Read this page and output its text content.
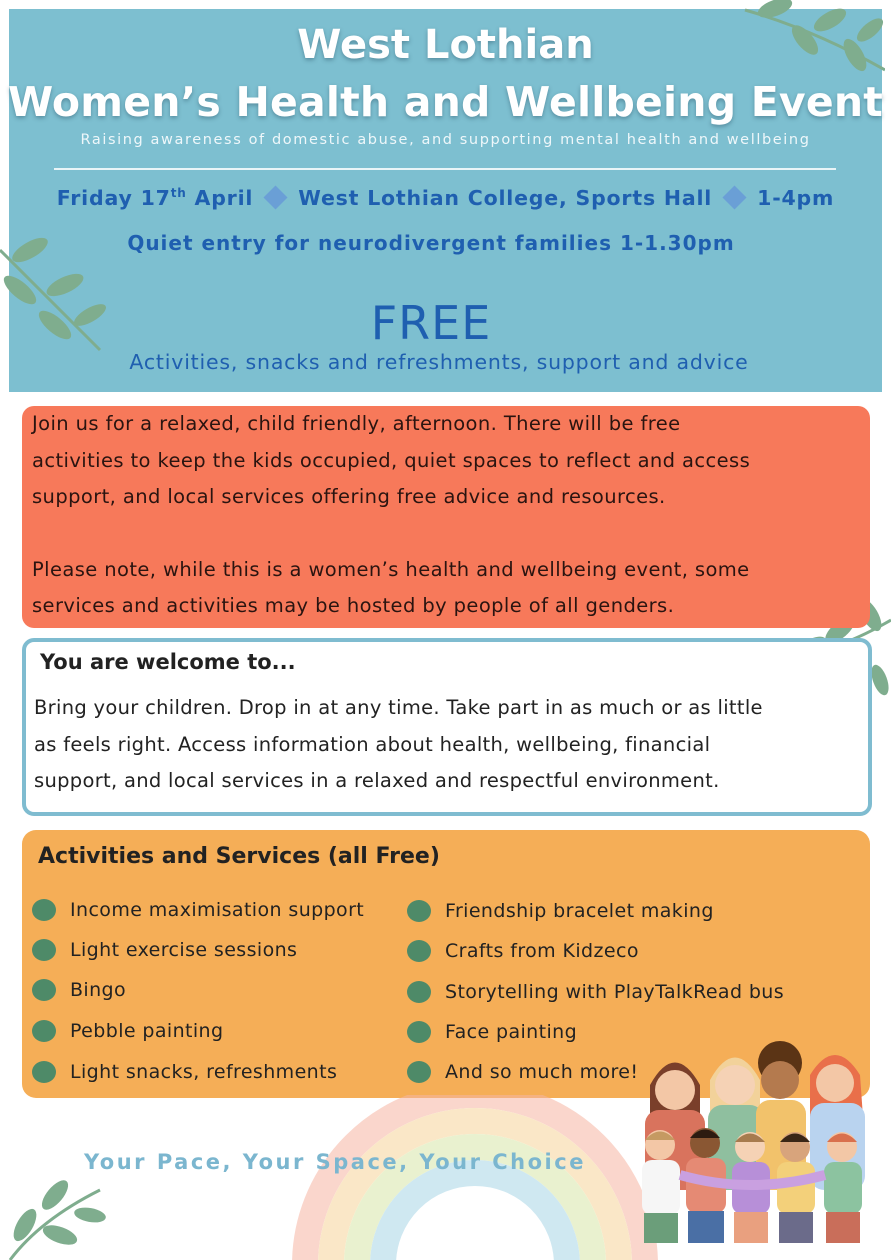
West Lothian
Women’s Health and Wellbeing Event
Raising awareness of domestic abuse, and supporting mental health and wellbeing
Friday 17th April West Lothian College, Sports Hall 1-4pm
Quiet entry for neurodivergent families 1-1.30pm
FREE
Activities, snacks and refreshments, support and advice
Join us for a relaxed, child friendly, afternoon. There will be free
activities to keep the kids occupied, quiet spaces to reflect and access
support, and local services offering free advice and resources.
Please note, while this is a women’s health and wellbeing event, some
services and activities may be hosted by people of all genders.
You are welcome to...
Bring your children. Drop in at any time. Take part in as much or as little
as feels right. Access information about health, wellbeing, financial
support, and local services in a relaxed and respectful environment.
Activities and Services (all Free)
Income maximisation support
Light exercise sessions
Bingo
Pebble painting
Light snacks, refreshments
Friendship bracelet making
Crafts from Kidzeco
Storytelling with PlayTalkRead bus
Face painting
And so much more!
Your Pace, Your Space, Your Choice
